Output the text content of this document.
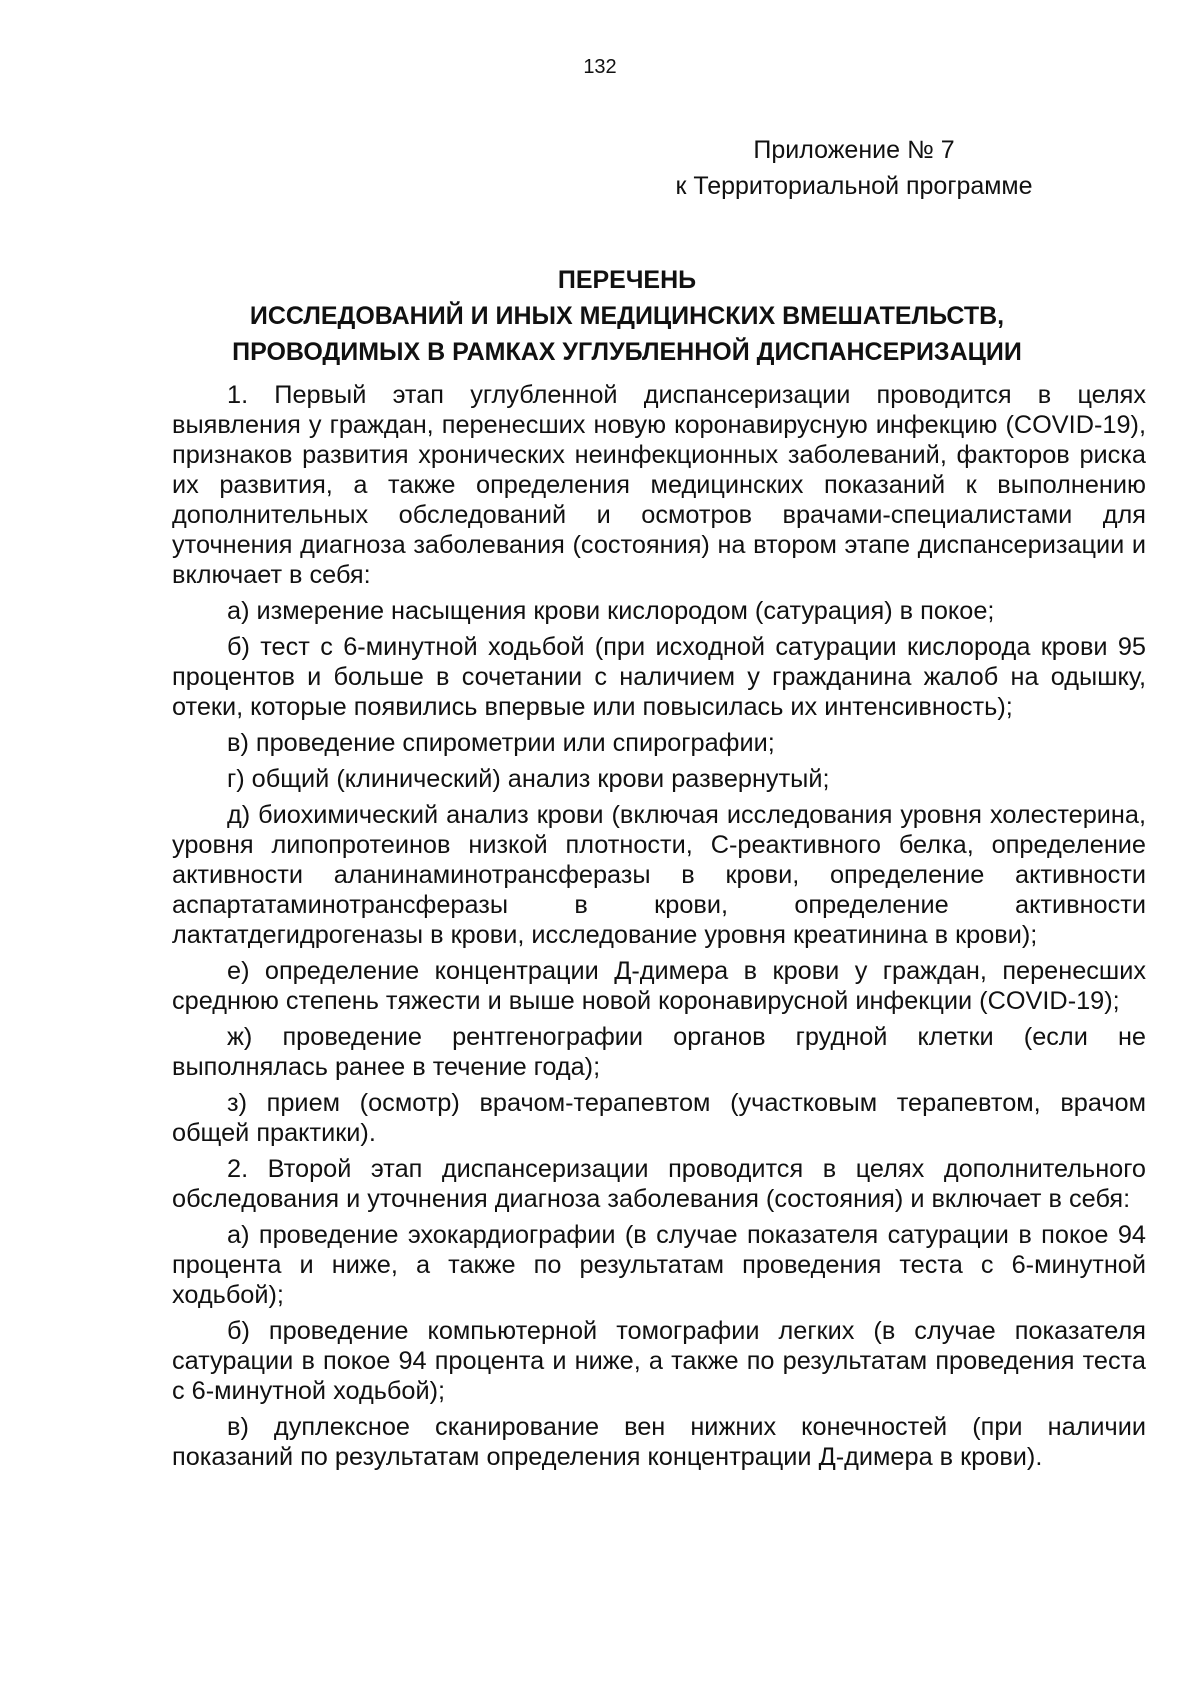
132
Приложение № 7
к Территориальной программе
ПЕРЕЧЕНЬ
ИССЛЕДОВАНИЙ И ИНЫХ МЕДИЦИНСКИХ ВМЕШАТЕЛЬСТВ,
ПРОВОДИМЫХ В РАМКАХ УГЛУБЛЕННОЙ ДИСПАНСЕРИЗАЦИИ

1. Первый этап углубленной диспансеризации проводится в целях выявления у граждан, перенесших новую коронавирусную инфекцию (COVID-19), признаков развития хронических неинфекционных заболеваний, факторов риска их развития, а также определения медицинских показаний к выполнению дополнительных обследований и осмотров врачами-специалистами для уточнения диагноза заболевания (состояния) на втором этапе диспансеризации и включает в себя:

а) измерение насыщения крови кислородом (сатурация) в покое;

б) тест с 6-минутной ходьбой (при исходной сатурации кислорода крови 95 процентов и больше в сочетании с наличием у гражданина жалоб на одышку, отеки, которые появились впервые или повысилась их интенсивность);

в) проведение спирометрии или спирографии;

г) общий (клинический) анализ крови развернутый;

д) биохимический анализ крови (включая исследования уровня холестерина, уровня липопротеинов низкой плотности, С-реактивного белка, определение активности аланинаминотрансферазы в крови, определение активности аспартатаминотрансферазы в крови, определение активности лактатдегидрогеназы в крови, исследование уровня креатинина в крови);

е) определение концентрации Д-димера в крови у граждан, перенесших среднюю степень тяжести и выше новой коронавирусной инфекции (COVID-19);

ж) проведение рентгенографии органов грудной клетки (если не выполнялась ранее в течение года);

з) прием (осмотр) врачом-терапевтом (участковым терапевтом, врачом общей практики).

2. Второй этап диспансеризации проводится в целях дополнительного обследования и уточнения диагноза заболевания (состояния) и включает в себя:

а) проведение эхокардиографии (в случае показателя сатурации в покое 94 процента и ниже, а также по результатам проведения теста с 6-минутной ходьбой);

б) проведение компьютерной томографии легких (в случае показателя сатурации в покое 94 процента и ниже, а также по результатам проведения теста с 6-минутной ходьбой);

в) дуплексное сканирование вен нижних конечностей (при наличии показаний по результатам определения концентрации Д-димера в крови).
